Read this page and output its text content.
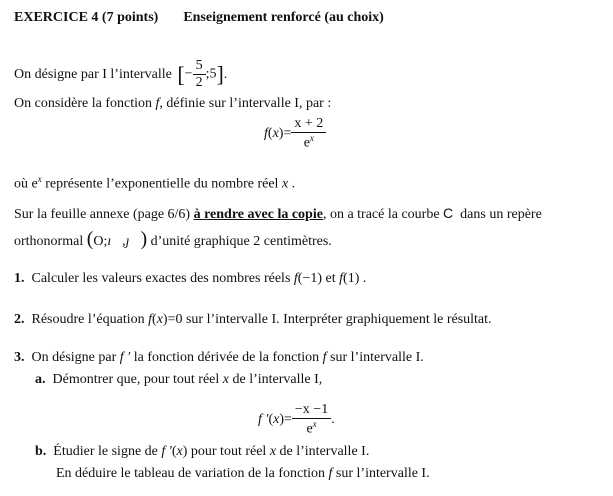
EXERCICE 4 (7 points) Enseignement renforcé (au choix)
On désigne par I l’intervalle [− $\frac{5}{2}$ ;5].
On considère la fonction f, définie sur l’intervalle I, par :
$f(x)= \frac{x + 2}{e^x}$
où $e^x$ représente l’exponentielle du nombre réel x .
Sur la feuille annexe (page 6/6) à rendre avec la copie, on a tracé la courbe C dans un repère
orthonormal (O;ı⃗,ȷ⃗) d’unité graphique 2 centimètres.
1. Calculer les valeurs exactes des nombres réels f(−1) et f(1) .
2. Résoudre l’équation f(x)=0 sur l’intervalle I. Interpréter graphiquement le résultat.
3. On désigne par f ′ la fonction dérivée de la fonction f sur l’intervalle I.
a. Démontrer que, pour tout réel x de l’intervalle I,
f $'(x)= \frac{-x -1}{e^x}$ .
b. Étudier le signe de f ′(x) pour tout réel x de l’intervalle I.
En déduire le tableau de variation de la fonction f sur l’intervalle I.
